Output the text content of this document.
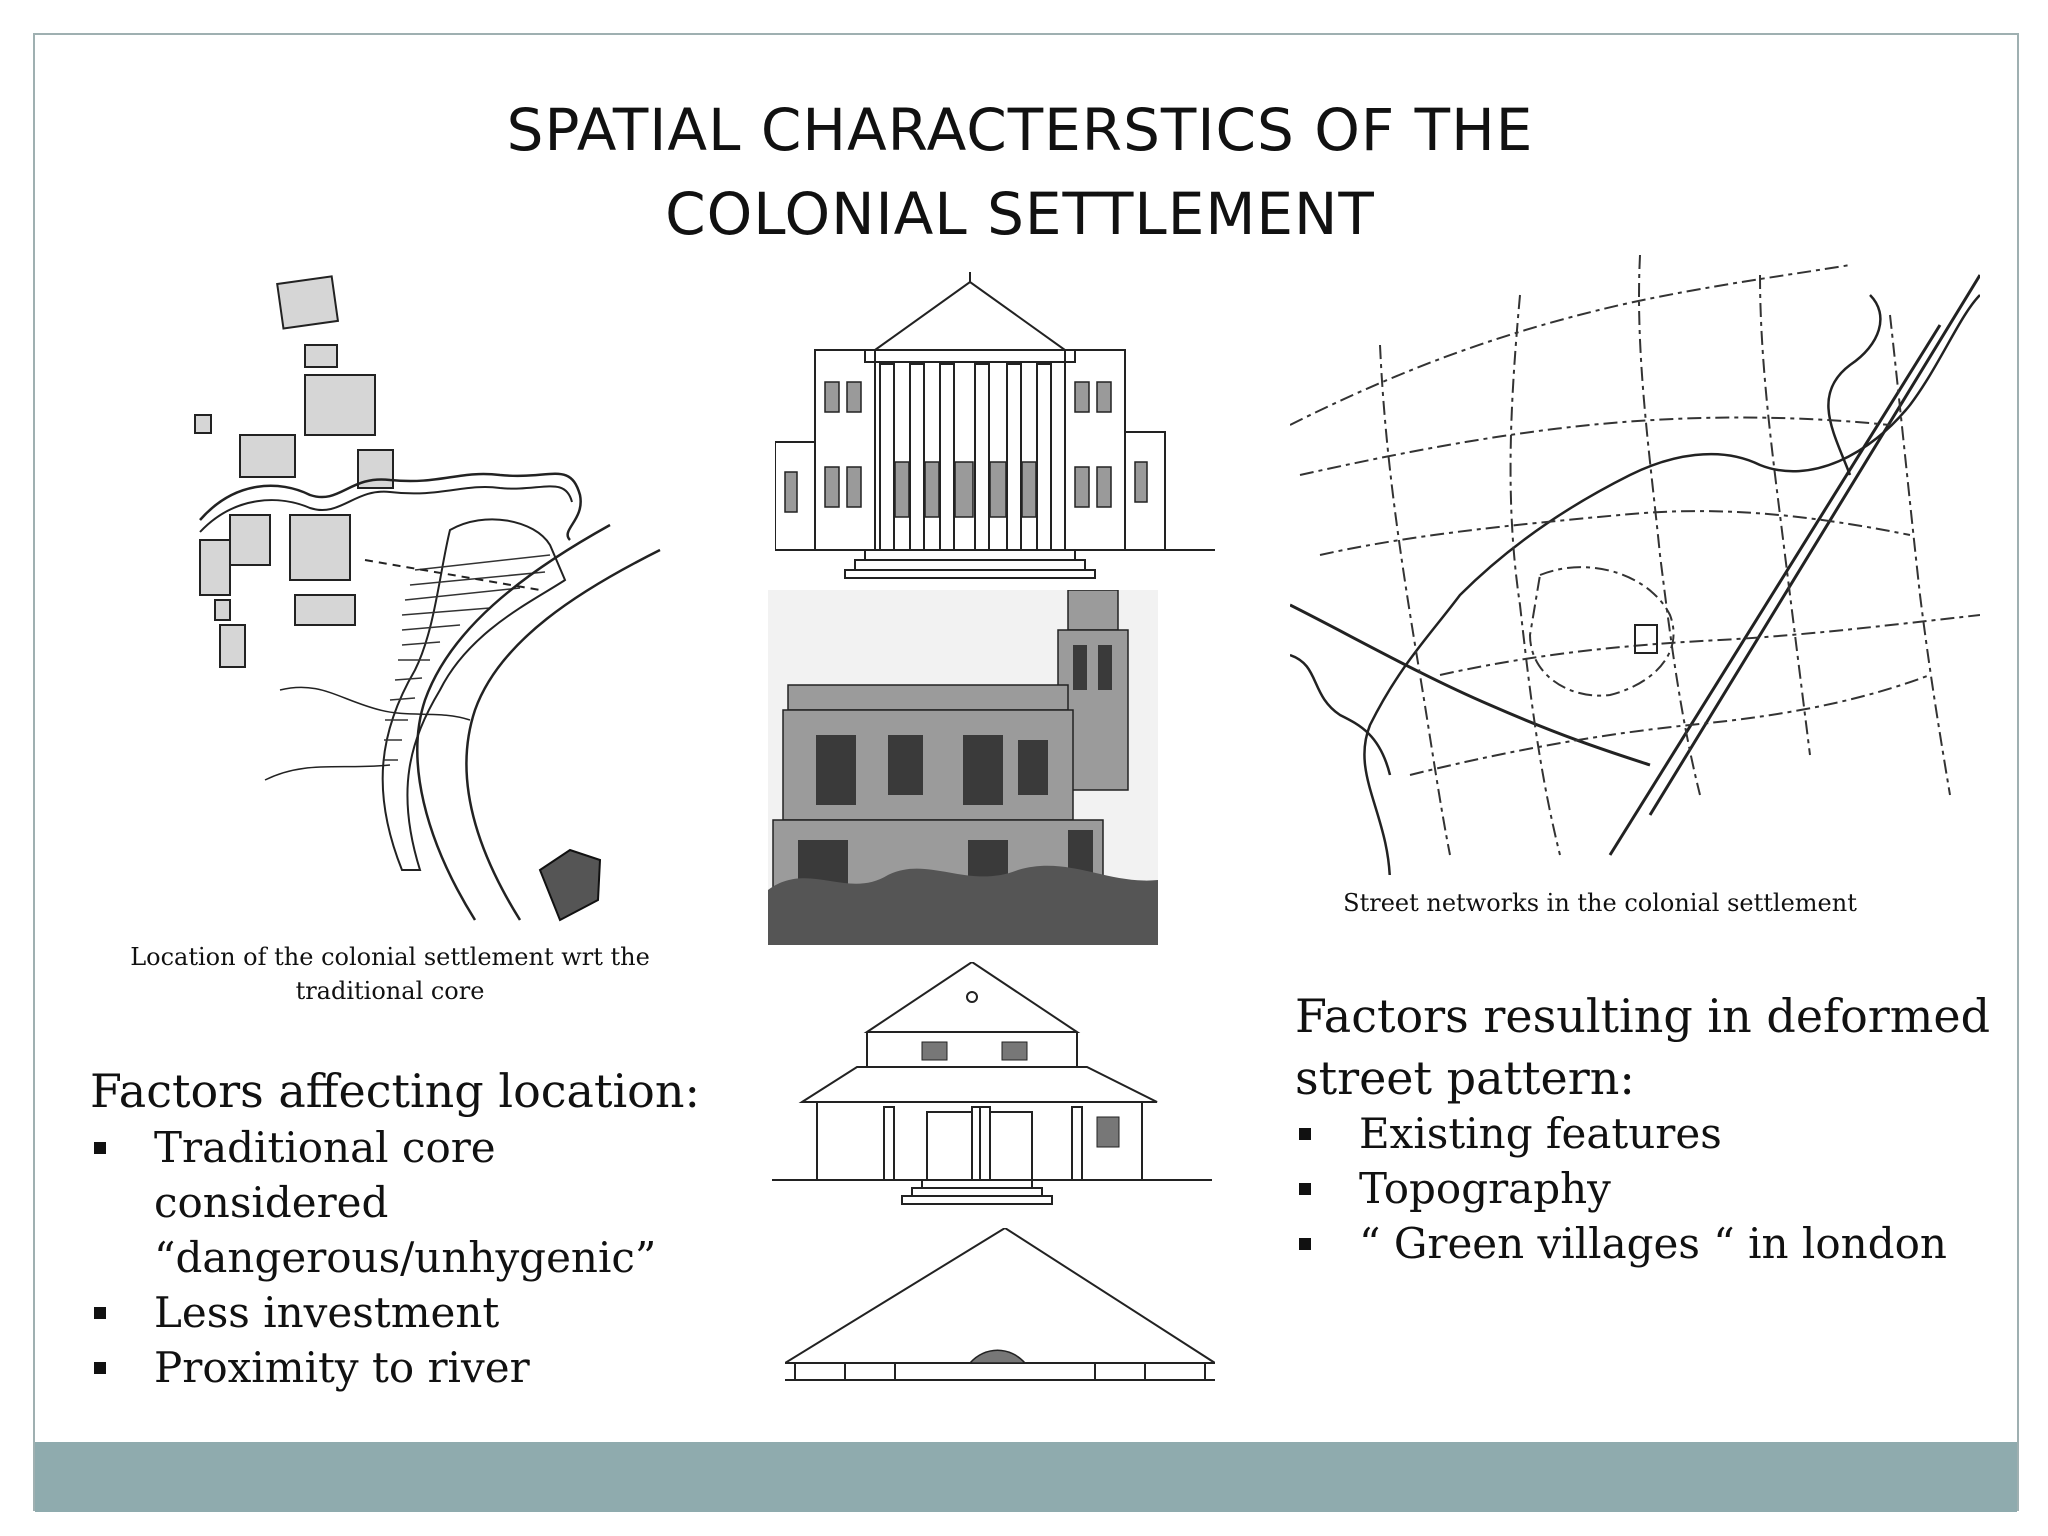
SPATIAL CHARACTERSTICS OF THE
COLONIAL SETTLEMENT
Location of the colonial settlement wrt the
traditional core
Street networks in the colonial settlement
Factors affecting location:
Traditional core considered
“dangerous/unhygenic”
Less investment
Proximity to river
Factors resulting in deformed
street pattern:
Existing features
Topography
“ Green villages “ in london
